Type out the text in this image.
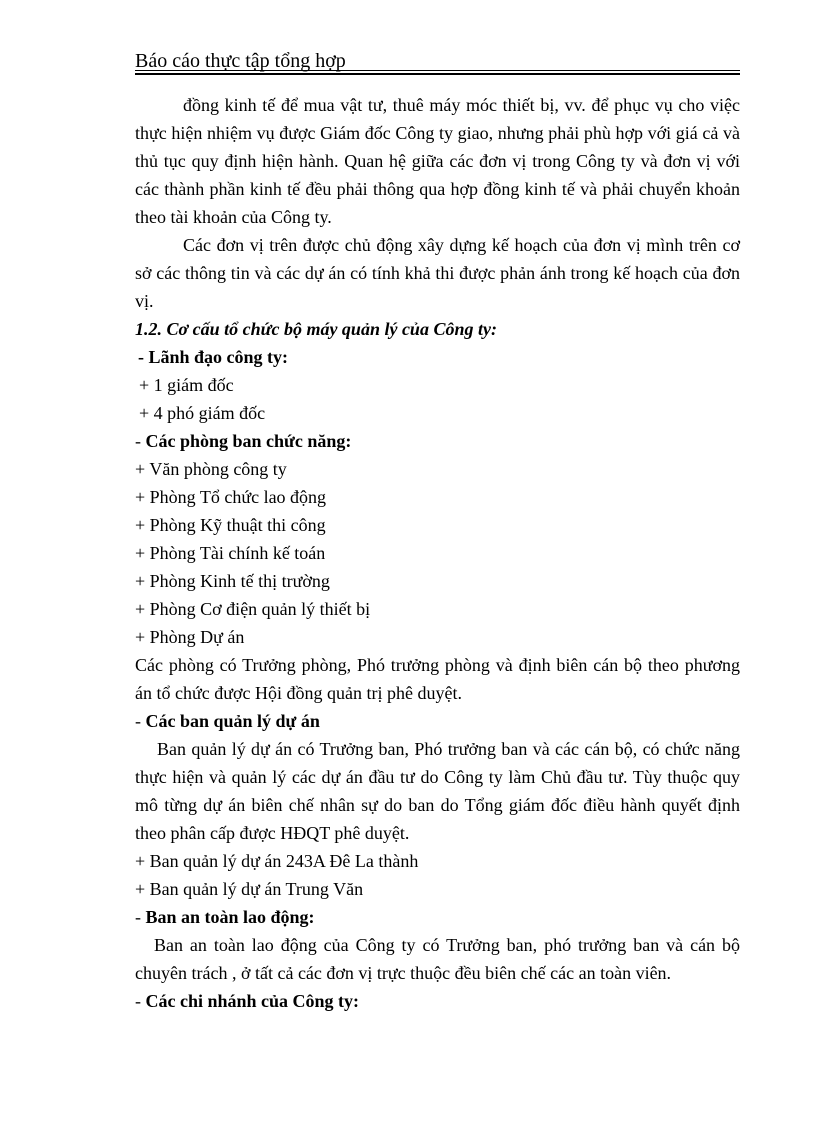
Báo cáo thực tập tổng hợp

đồng kinh tế để mua vật tư, thuê máy móc thiết bị, vv. để phục vụ cho việc thực hiện nhiệm vụ được Giám đốc Công ty giao, nhưng phải phù hợp với giá cả và thủ tục quy định hiện hành. Quan hệ giữa các đơn vị trong Công ty và đơn vị với các thành phần kinh tế đều phải thông qua hợp đồng kinh tế và phải chuyển khoản theo tài khoản của Công ty.

Các đơn vị trên được chủ động xây dựng kế hoạch của đơn vị mình trên cơ sở các thông tin và các dự án có tính khả thi được phản ánh trong kế hoạch của đơn vị.

1.2. Cơ cấu tổ chức bộ máy quản lý của Công ty:

- Lãnh đạo công ty:

+ 1 giám đốc

+ 4 phó giám đốc

- Các phòng ban chức năng:

+ Văn phòng công ty

+ Phòng Tổ chức lao động

+ Phòng Kỹ thuật thi công

+ Phòng Tài chính kế toán

+ Phòng Kinh tế thị trường

+ Phòng Cơ điện quản lý thiết bị

+ Phòng Dự án

Các phòng có Trưởng phòng, Phó trưởng phòng và định biên cán bộ theo phương án tổ chức được Hội đồng quản trị phê duyệt.

- Các ban quản lý dự án

Ban quản lý dự án có Trưởng ban, Phó trưởng ban và các cán bộ, có chức năng thực hiện và quản lý các dự án đầu tư do Công ty làm Chủ đầu tư. Tùy thuộc quy mô từng dự án biên chế nhân sự do ban do Tổng giám đốc điều hành quyết định theo phân cấp được HĐQT phê duyệt.

+ Ban quản lý dự án 243A Đê La thành

+ Ban quản lý dự án Trung Văn

- Ban an toàn lao động:

Ban an toàn lao động của Công ty có Trưởng ban, phó trưởng ban và cán bộ chuyên trách , ở tất cả các đơn vị trực thuộc đều biên chế các an toàn viên.

- Các chi nhánh của Công ty:
